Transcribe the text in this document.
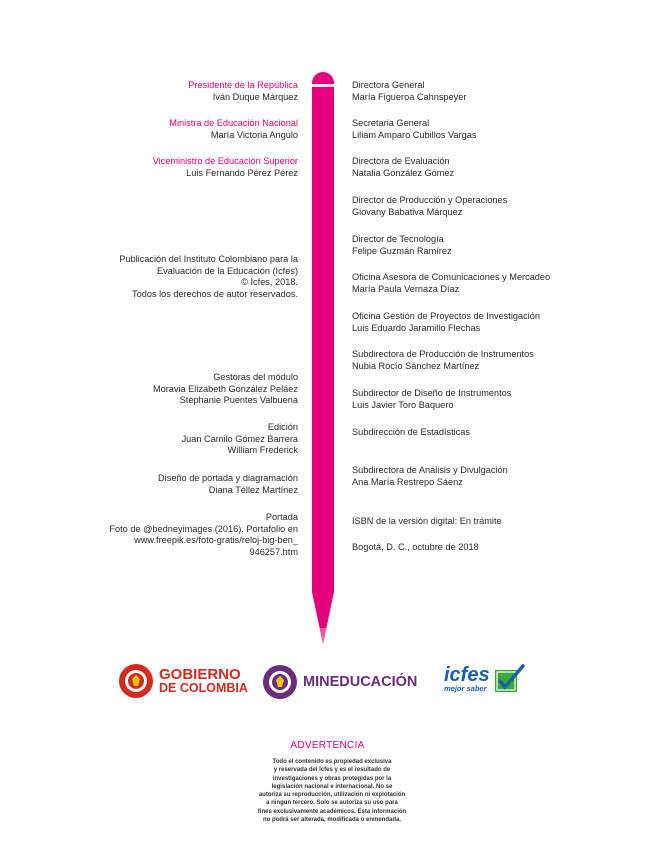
Presidente de la República
Iván Duque Márquez
Ministra de Educación Nacional
María Victoria Angulo
Viceministro de Educación Superior
Luis Fernando Pérez Pérez
Publicación del Instituto Colombiano para la
Evaluación de la Educación (Icfes)
© Icfes, 2018.
Todos los derechos de autor reservados.
Gestoras del módulo
Moravia Elizabeth González Peláez
Stephanie Puentes Valbuena
Edición
Juan Camilo Gómez Barrera
William Frederick
Diseño de portada y diagramación
Diana Téllez Martínez
Portada
Foto de @bedneyimages (2016). Portafolio en
www.freepik.es/foto-gratis/reloj-big-ben_
946257.htm
Directora General
María Figueroa Cahnspeyer
Secretaria General
Liliam Amparo Cubillos Vargas
Directora de Evaluación
Natalia González Gómez
Director de Producción y Operaciones
Giovany Babativa Márquez
Director de Tecnología
Felipe Guzmán Ramírez
Oficina Asesora de Comunicaciones y Mercadeo
María Paula Vernaza Díaz
Oficina Gestión de Proyectos de Investigación
Luis Eduardo Jaramillo Flechas
Subdirectora de Producción de Instrumentos
Nubia Rocío Sánchez Martínez
Subdirector de Diseño de Instrumentos
Luis Javier Toro Baquero
Subdirección de Estadísticas
Subdirectora de Análisis y Divulgación
Ana María Restrepo Sáenz
ISBN de la versión digital: En trámite
Bogotá, D. C., octubre de 2018
GOBIERNO
DE COLOMBIA	MINEDUCACIÓN icfes
mejor saber
ADVERTENCIA
Todo el contenido es propiedad exclusiva
y reservada del Icfes y es el resultado de
investigaciones y obras protegidas por la
legislación nacional e internacional. No se
autoriza su reproducción, utilización ni explotación
a ningún tercero. Solo se autoriza su uso para
fines exclusivamente académicos. Esta información
no podrá ser alterada, modificada o enmendada.
